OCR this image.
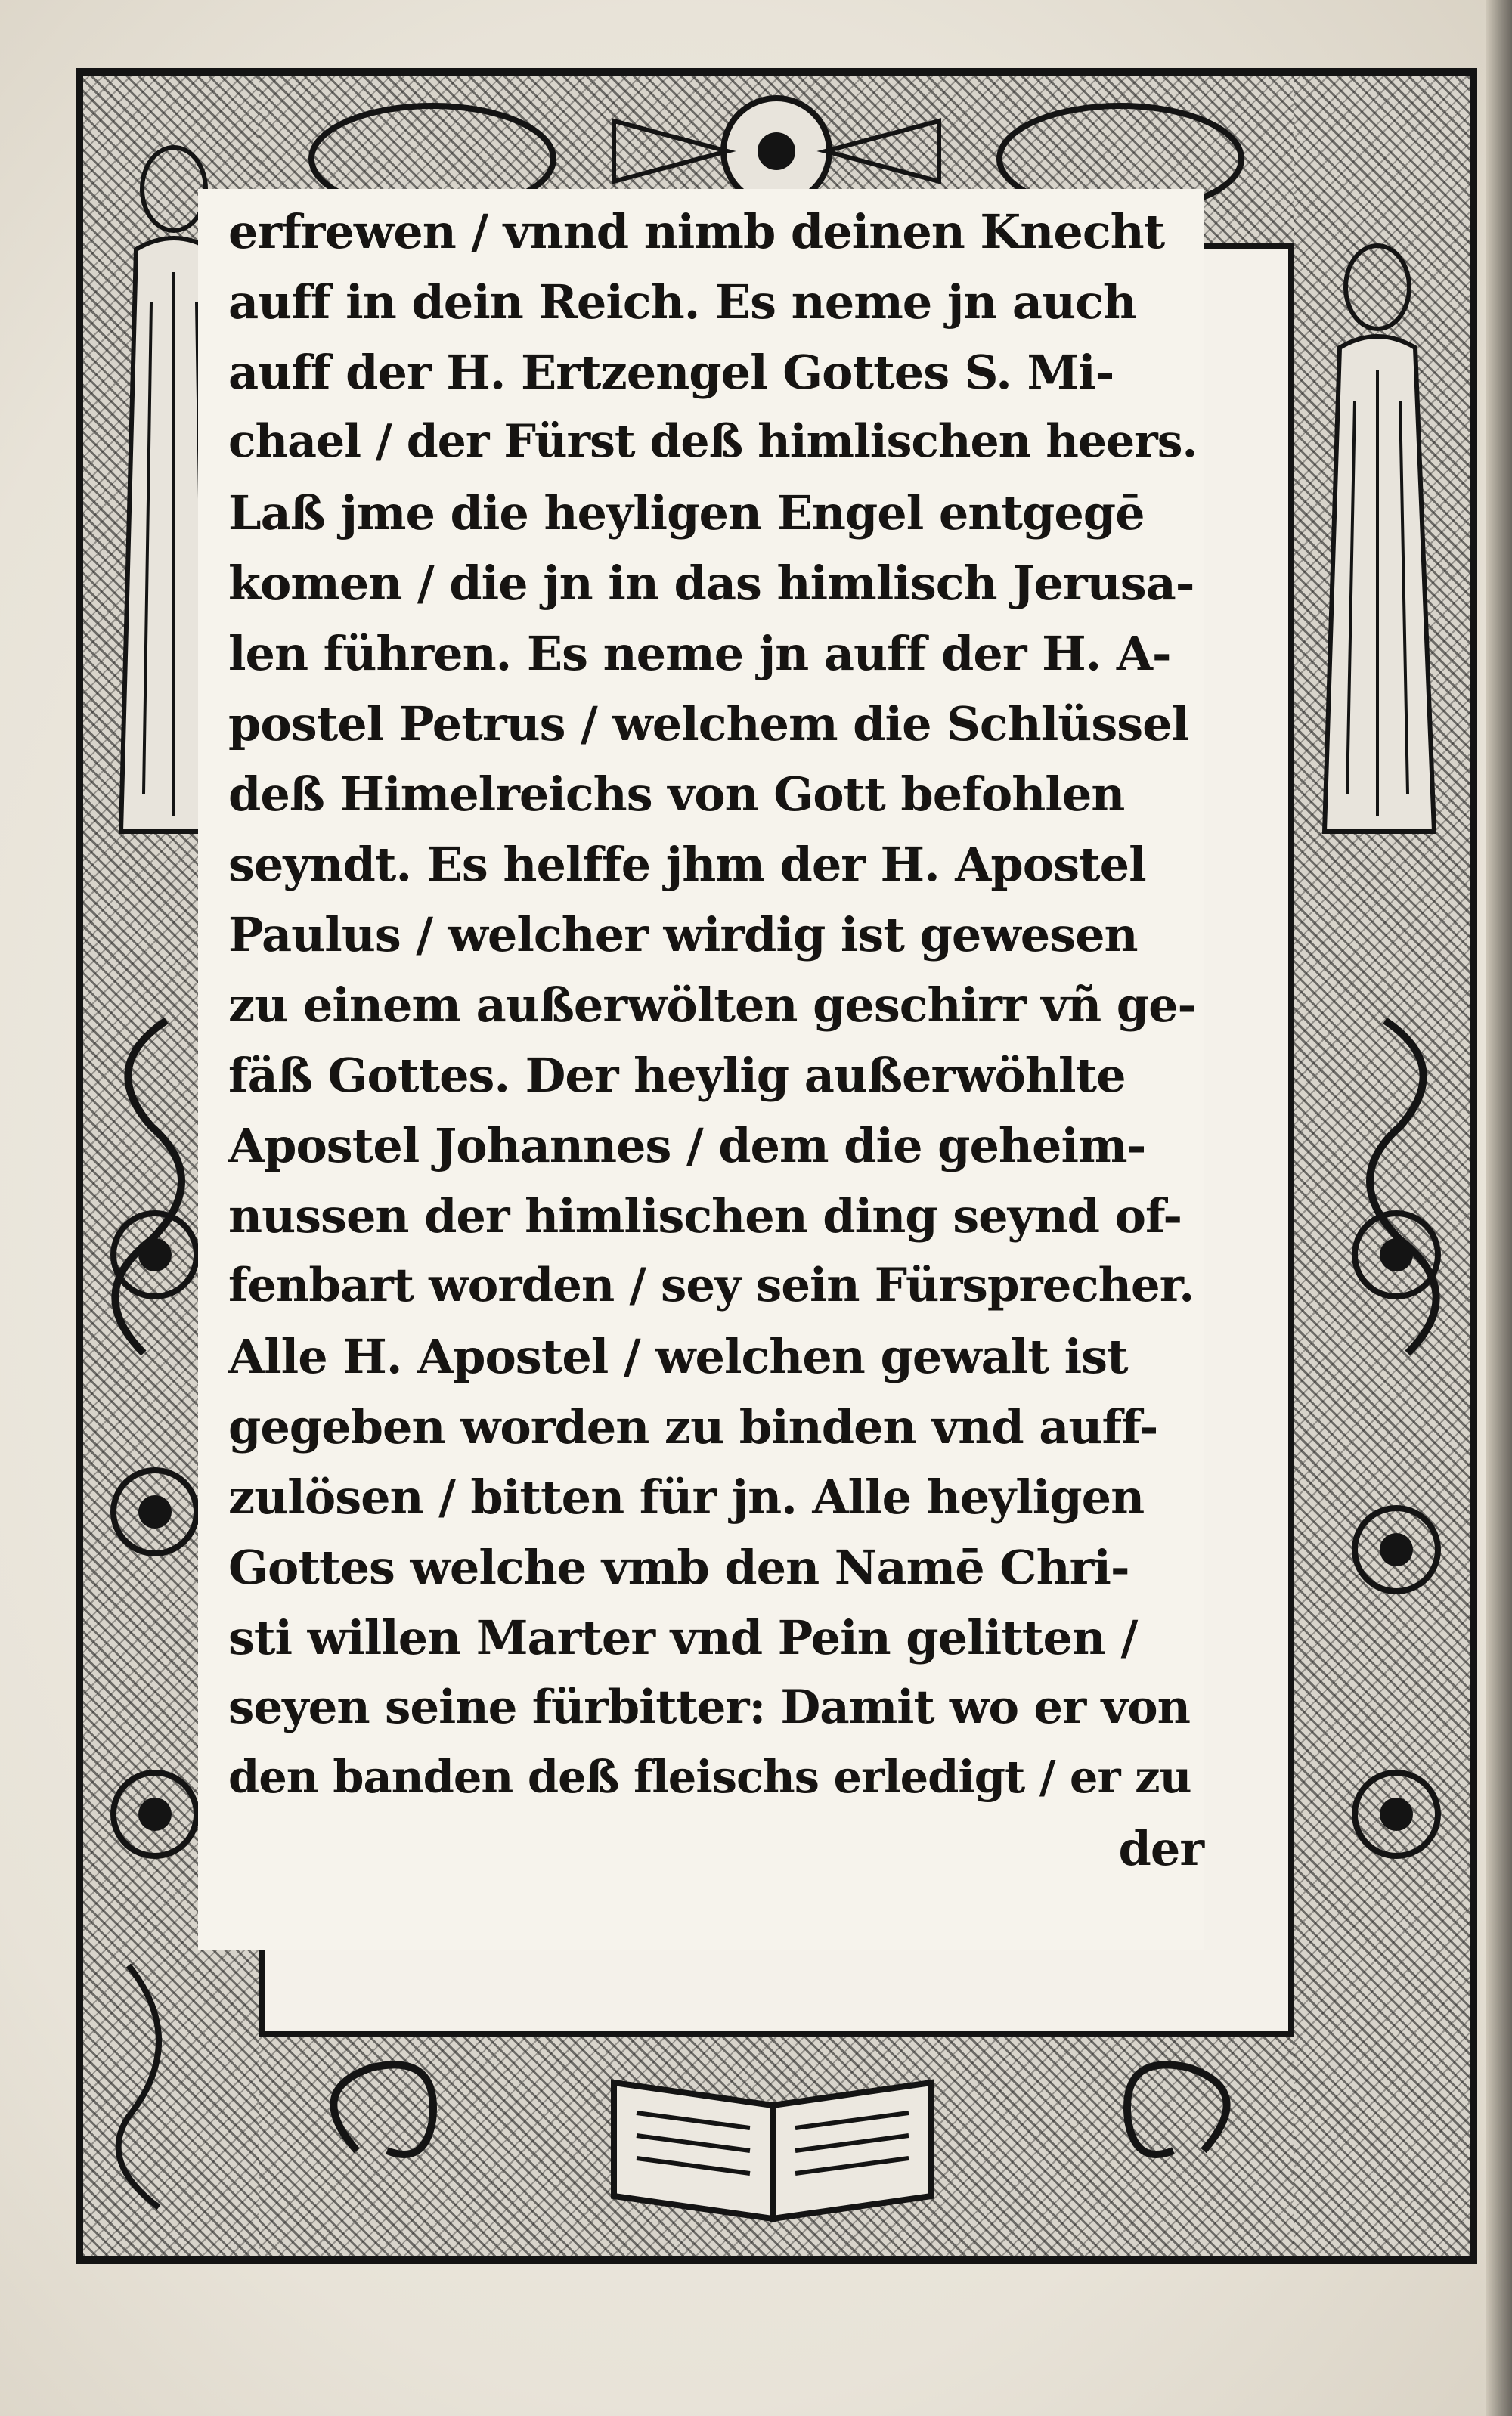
erfrewen / vnnd nimb deinen Knecht
auff in dein Reich. Es neme jn auch
auff der H. Ertzengel Gottes S. Mi-
chael / der Fürst deß himlischen heers.
Laß jme die heyligen Engel entgegē
komen / die jn in das himlisch Jerusa-
len führen. Es neme jn auff der H. A-
postel Petrus / welchem die Schlüssel
deß Himelreichs von Gott befohlen
seyndt. Es helffe jhm der H. Apostel
Paulus / welcher wirdig ist gewesen
zu einem außerwölten geschirr vñ ge-
fäß Gottes. Der heylig außerwöhlte
Apostel Johannes / dem die geheim-
nussen der himlischen ding seynd of-
fenbart worden / sey sein Fürsprecher.
Alle H. Apostel / welchen gewalt ist
gegeben worden zu binden vnd auff-
zulösen / bitten für jn. Alle heyligen
Gottes welche vmb den Namē Chri-
sti willen Marter vnd Pein gelitten /
seyen seine fürbitter: Damit wo er von
den banden deß fleischs erledigt / er zu
der
